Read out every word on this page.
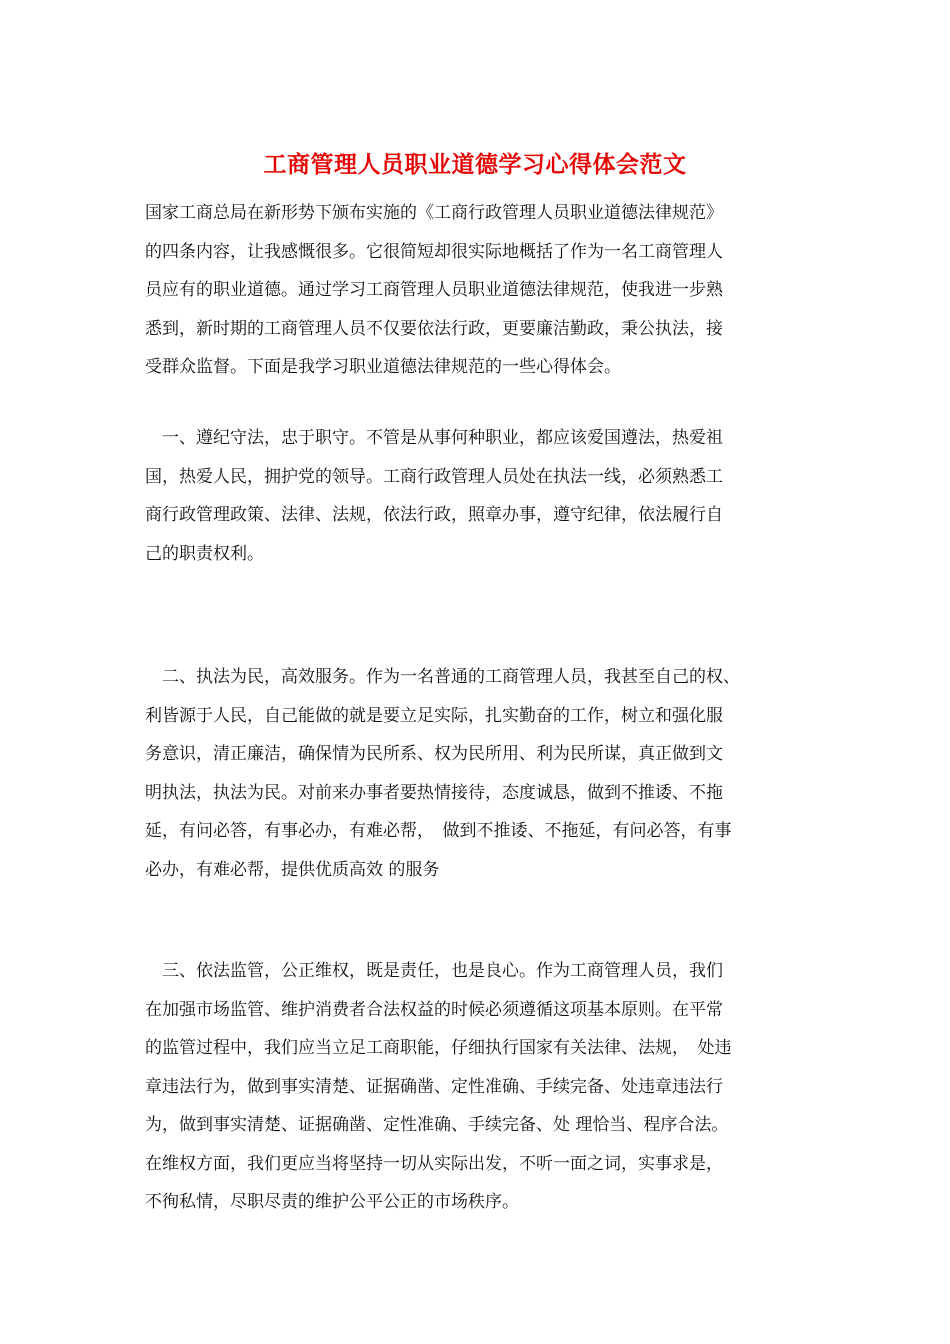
工商管理人员职业道德学习心得体会范文
国家工商总局在新形势下颁布实施的《工商行政管理人员职业道德法律规范》
的四条内容，让我感慨很多。它很简短却很实际地概括了作为一名工商管理人
员应有的职业道德。通过学习工商管理人员职业道德法律规范，使我进一步熟
悉到，新时期的工商管理人员不仅要依法行政，更要廉洁勤政，秉公执法，接
受群众监督。下面是我学习职业道德法律规范的一些心得体会。
　一、遵纪守法，忠于职守。不管是从事何种职业，都应该爱国遵法，热爱祖
国，热爱人民，拥护党的领导。工商行政管理人员处在执法一线，必须熟悉工
商行政管理政策、法律、法规，依法行政，照章办事，遵守纪律，依法履行自
己的职责权利。
　二、执法为民，高效服务。作为一名普通的工商管理人员，我甚至自己的权、
利皆源于人民，自己能做的就是要立足实际，扎实勤奋的工作，树立和强化服
务意识，清正廉洁，确保情为民所系、权为民所用、利为民所谋，真正做到文
明执法，执法为民。对前来办事者要热情接待，态度诚恳，做到不推诿、不拖
延，有问必答，有事必办，有难必帮，　做到不推诿、不拖延，有问必答，有事
必办，有难必帮，提供优质高效 的服务
　三、依法监管，公正维权，既是责任，也是良心。作为工商管理人员，我们
在加强市场监管、维护消费者合法权益的时候必须遵循这项基本原则。在平常
的监管过程中，我们应当立足工商职能，仔细执行国家有关法律、法规，　处违
章违法行为，做到事实清楚、证据确凿、定性准确、手续完备、处违章违法行
为，做到事实清楚、证据确凿、定性准确、手续完备、处 理恰当、程序合法。
在维权方面，我们更应当将坚持一切从实际出发，不听一面之词，实事求是，
不徇私情，尽职尽责的维护公平公正的市场秩序。
